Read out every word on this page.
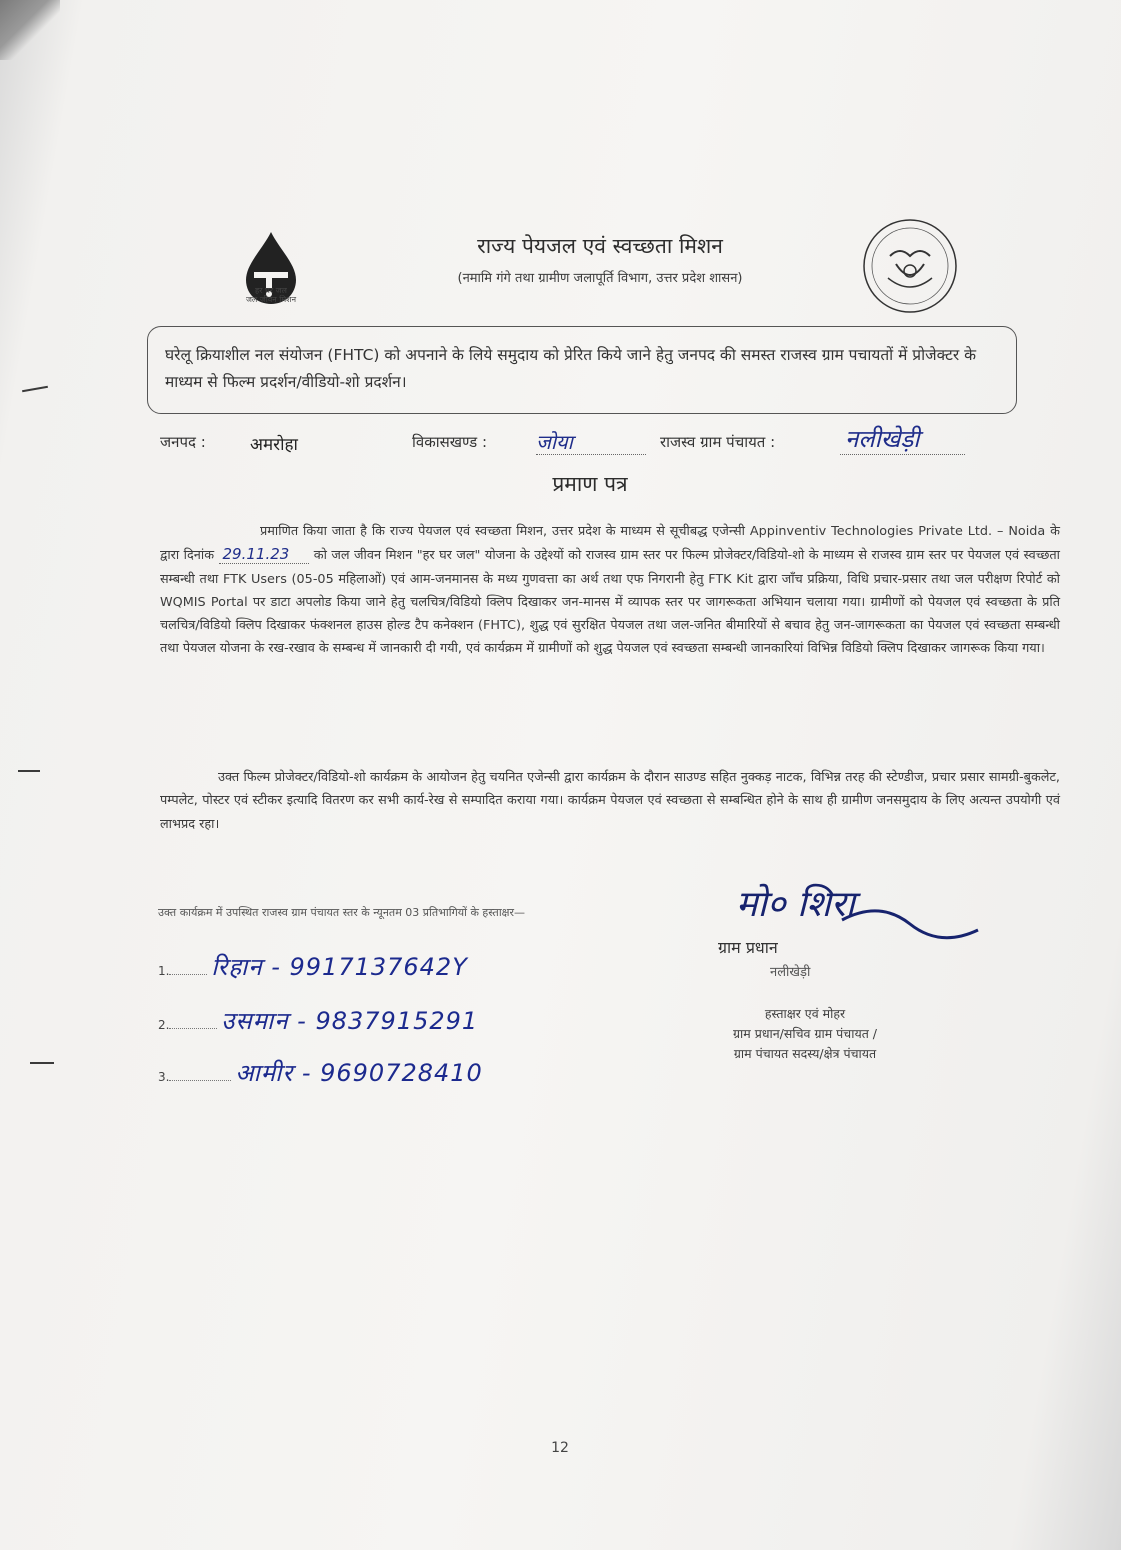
हर घर जल
जल जीवन मिशन
राज्य पेयजल एवं स्वच्छता मिशन
(नमामि गंगे तथा ग्रामीण जलापूर्ति विभाग, उत्तर प्रदेश शासन)
घरेलू क्रियाशील नल संयोजन (FHTC) को अपनाने के लिये समुदाय को प्रेरित किये जाने हेतु जनपद की समस्त राजस्व ग्राम पचायतों में प्रोजेक्टर के माध्यम से फिल्म प्रदर्शन/वीडियो-शो प्रदर्शन।
जनपद :	अमरोहा	विकासखण्ड : जोया	राजस्व ग्राम पंचायत :	नलीखेड़ी
प्रमाण पत्र
प्रमाणित किया जाता है कि राज्य पेयजल एवं स्वच्छता मिशन, उत्तर प्रदेश के माध्यम से सूचीबद्ध एजेन्सी Appinventiv Technologies Private Ltd. – Noida के द्वारा दिनांक 29.11.23 को जल जीवन मिशन "हर घर जल" योजना के उद्देश्यों को राजस्व ग्राम स्तर पर फिल्म प्रोजेक्टर/विडियो-शो के माध्यम से राजस्व ग्राम स्तर पर पेयजल एवं स्वच्छता सम्बन्धी तथा FTK Users (05-05 महिलाओं) एवं आम-जनमानस के मध्य गुणवत्ता का अर्थ तथा एफ निगरानी हेतु FTK Kit द्वारा जाँच प्रक्रिया, विधि प्रचार-प्रसार तथा जल परीक्षण रिपोर्ट को WQMIS Portal पर डाटा अपलोड किया जाने हेतु चलचित्र/विडियो क्लिप दिखाकर जन-मानस में व्यापक स्तर पर जागरूकता अभियान चलाया गया। ग्रामीणों को पेयजल एवं स्वच्छता के प्रति चलचित्र/विडियो क्लिप दिखाकर फंक्शनल हाउस होल्ड टैप कनेक्शन (FHTC), शुद्ध एवं सुरक्षित पेयजल तथा जल-जनित बीमारियों से बचाव हेतु जन-जागरूकता का पेयजल एवं स्वच्छता सम्बन्धी तथा पेयजल योजना के रख-रखाव के सम्बन्ध में जानकारी दी गयी, एवं कार्यक्रम में ग्रामीणों को शुद्ध पेयजल एवं स्वच्छता सम्बन्धी जानकारियां विभिन्न विडियो क्लिप दिखाकर जागरूक किया गया।
उक्त फिल्म प्रोजेक्टर/विडियो-शो कार्यक्रम के आयोजन हेतु चयनित एजेन्सी द्वारा कार्यक्रम के दौरान साउण्ड सहित नुक्कड़ नाटक, विभिन्न तरह की स्टेण्डीज, प्रचार प्रसार सामग्री-बुकलेट, पम्पलेट, पोस्टर एवं स्टीकर इत्यादि वितरण कर सभी कार्य-रेख से सम्पादित कराया गया। कार्यक्रम पेयजल एवं स्वच्छता से सम्बन्धित होने के साथ ही ग्रामीण जनसमुदाय के लिए अत्यन्त उपयोगी एवं लाभप्रद रहा।
उक्त कार्यक्रम में उपस्थित राजस्व ग्राम पंचायत स्तर के न्यूनतम 03 प्रतिभागियों के हस्ताक्षर—
1. रिहान - 9917137642Y
2. उसमान - 9837915291
3.	आमीर - 9690728410
मो० शिरा
ग्राम प्रधान
नलीखेड़ी
हस्ताक्षर एवं मोहर
ग्राम प्रधान/सचिव ग्राम पंचायत /
ग्राम पंचायत सदस्य/क्षेत्र पंचायत
12
